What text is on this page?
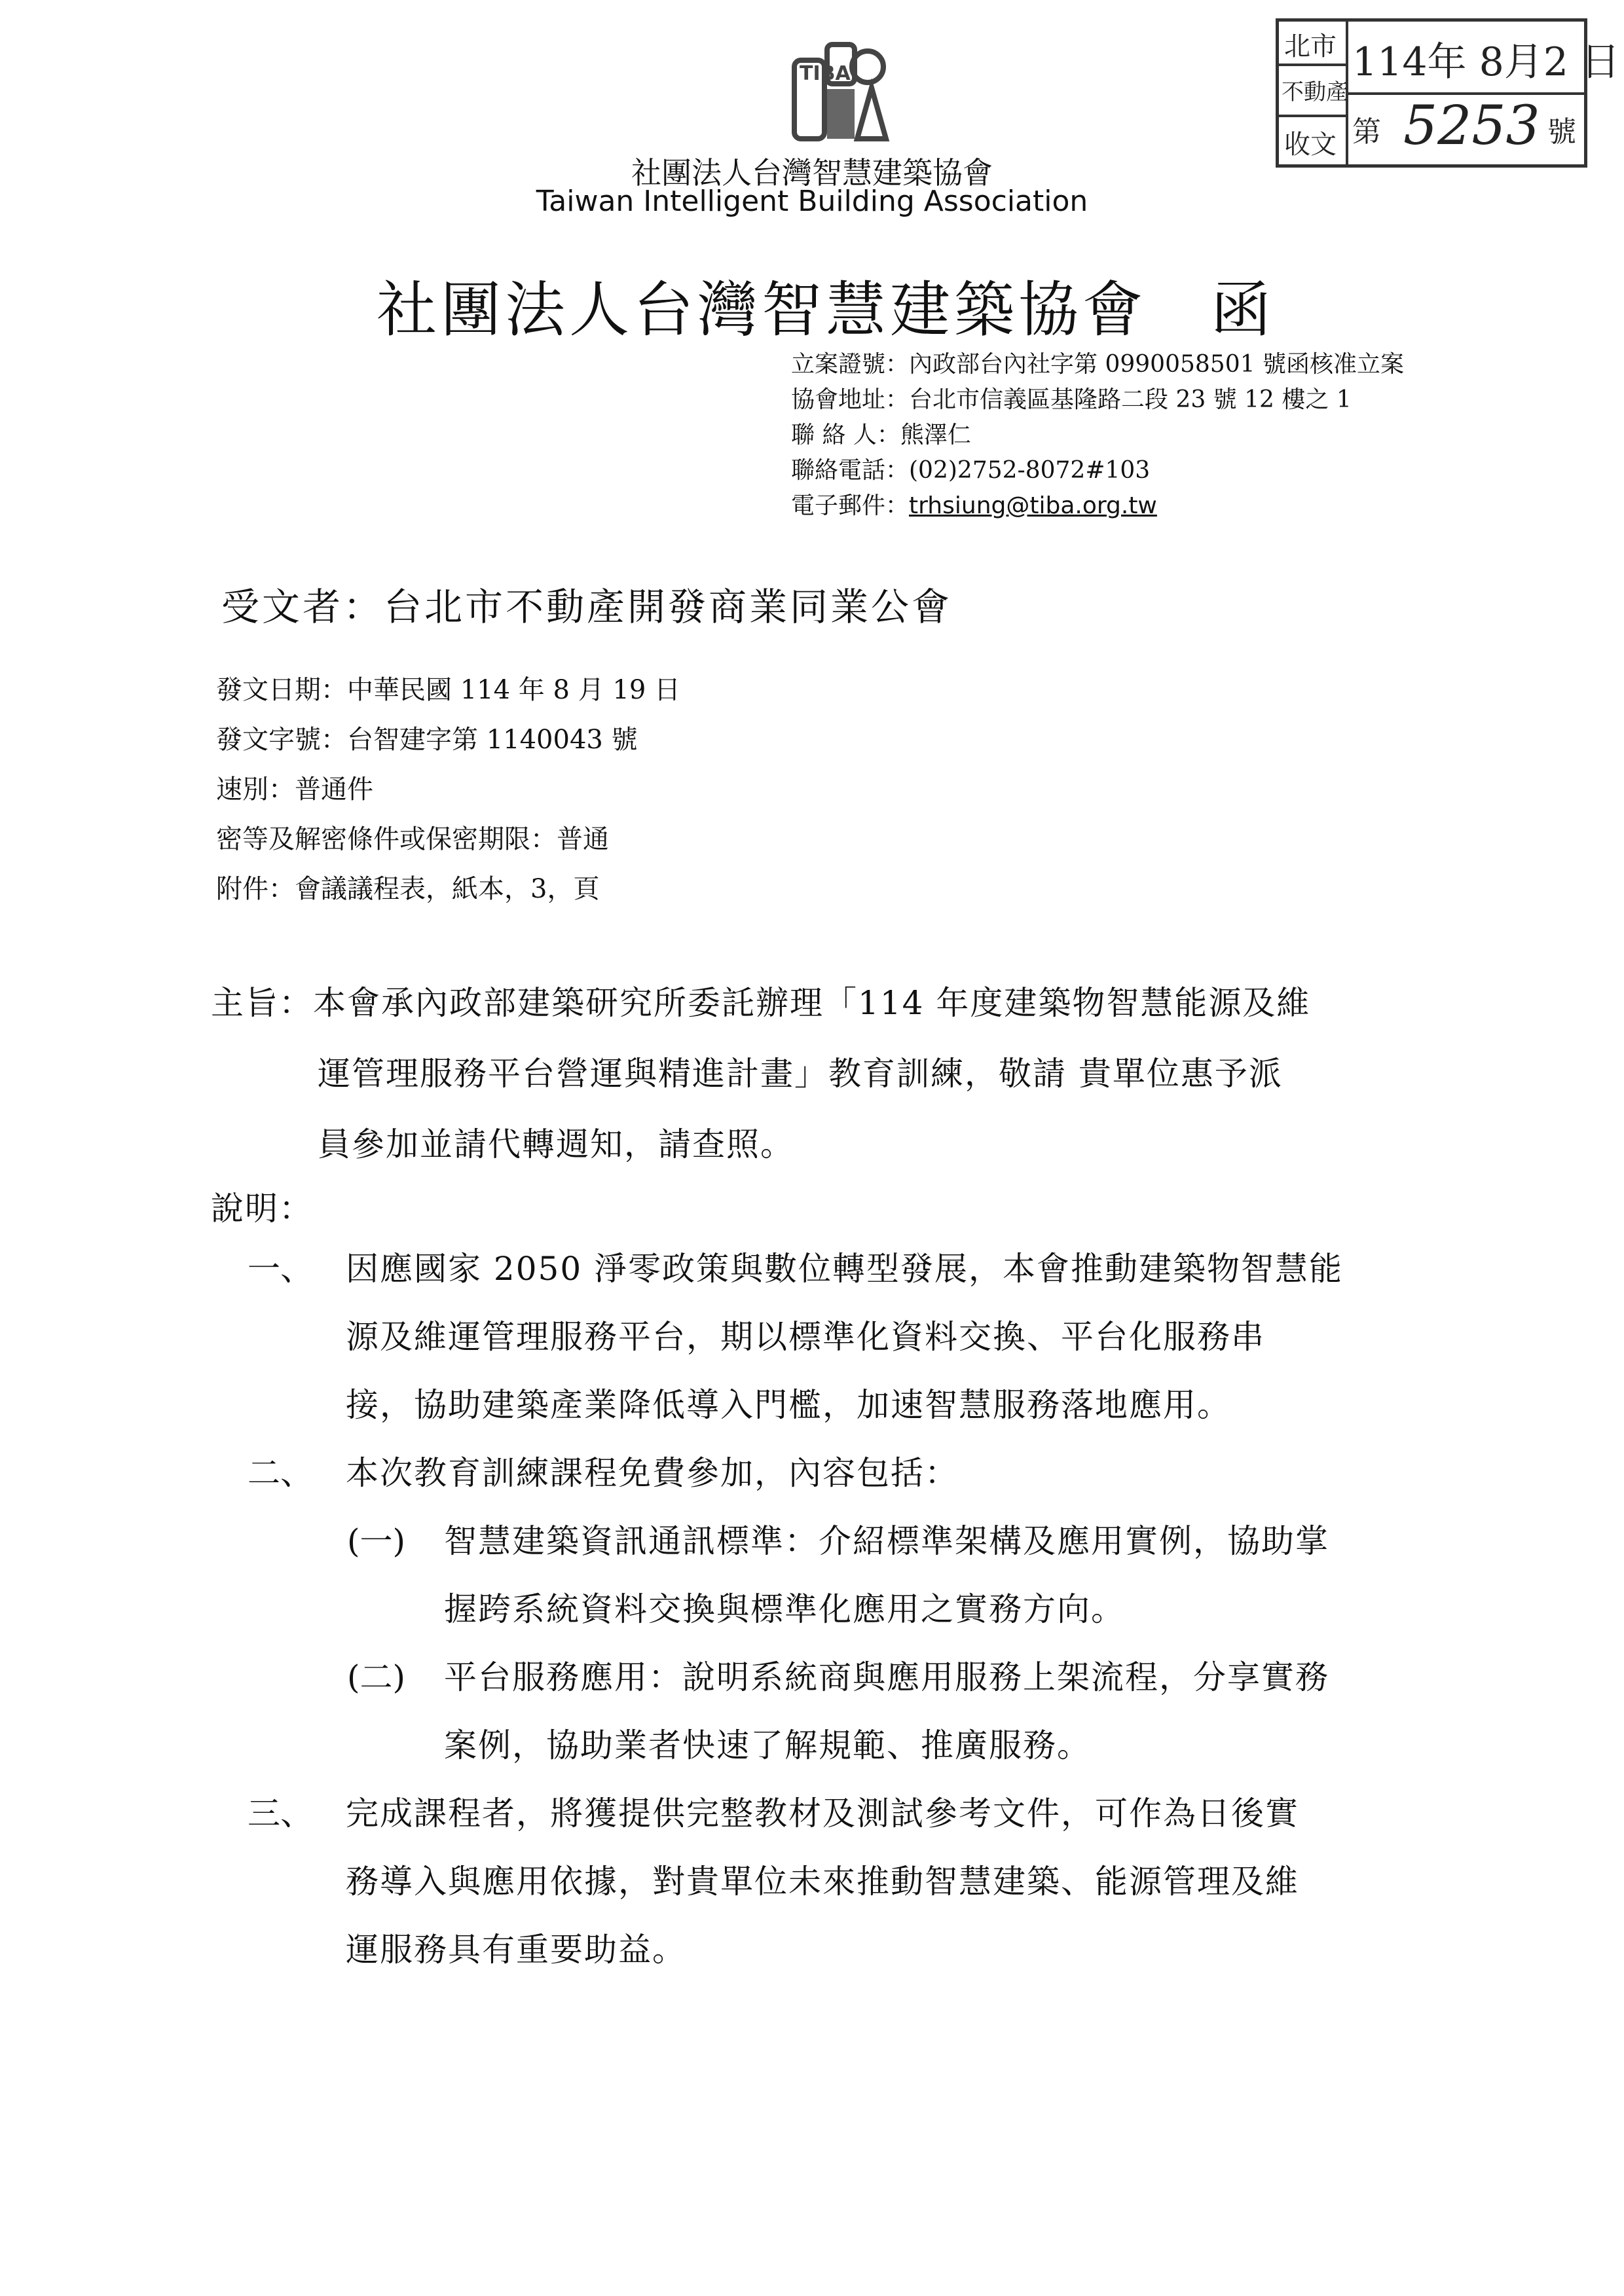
北市
不動產
收文
114年 8月2 日
第 5253 號
TIBA
社團法人台灣智慧建築協會
Taiwan Intelligent Building Association
社團法人台灣智慧建築協會　函
立案證號：內政部台內社字第 0990058501 號函核准立案
協會地址：台北市信義區基隆路二段 23 號 12 樓之 1
聯 絡 人：熊澤仁
聯絡電話：(02)2752-8072#103
電子郵件：trhsiung@tiba.org.tw
受文者：台北市不動產開發商業同業公會
發文日期：中華民國 114 年 8 月 19 日
發文字號：台智建字第 1140043 號
速別：普通件
密等及解密條件或保密期限：普通
附件：會議議程表，紙本，3，頁
主旨：本會承內政部建築研究所委託辦理「114 年度建築物智慧能源及維
運管理服務平台營運與精進計畫」教育訓練，敬請 貴單位惠予派
員參加並請代轉週知，請查照。
說明：
一、 因應國家 2050 淨零政策與數位轉型發展，本會推動建築物智慧能
源及維運管理服務平台，期以標準化資料交換、平台化服務串
接，協助建築產業降低導入門檻，加速智慧服務落地應用。
二、 本次教育訓練課程免費參加，內容包括：
(一) 智慧建築資訊通訊標準：介紹標準架構及應用實例，協助掌
握跨系統資料交換與標準化應用之實務方向。
(二) 平台服務應用：說明系統商與應用服務上架流程，分享實務
案例，協助業者快速了解規範、推廣服務。
三、 完成課程者，將獲提供完整教材及測試參考文件，可作為日後實
務導入與應用依據，對貴單位未來推動智慧建築、能源管理及維
運服務具有重要助益。
